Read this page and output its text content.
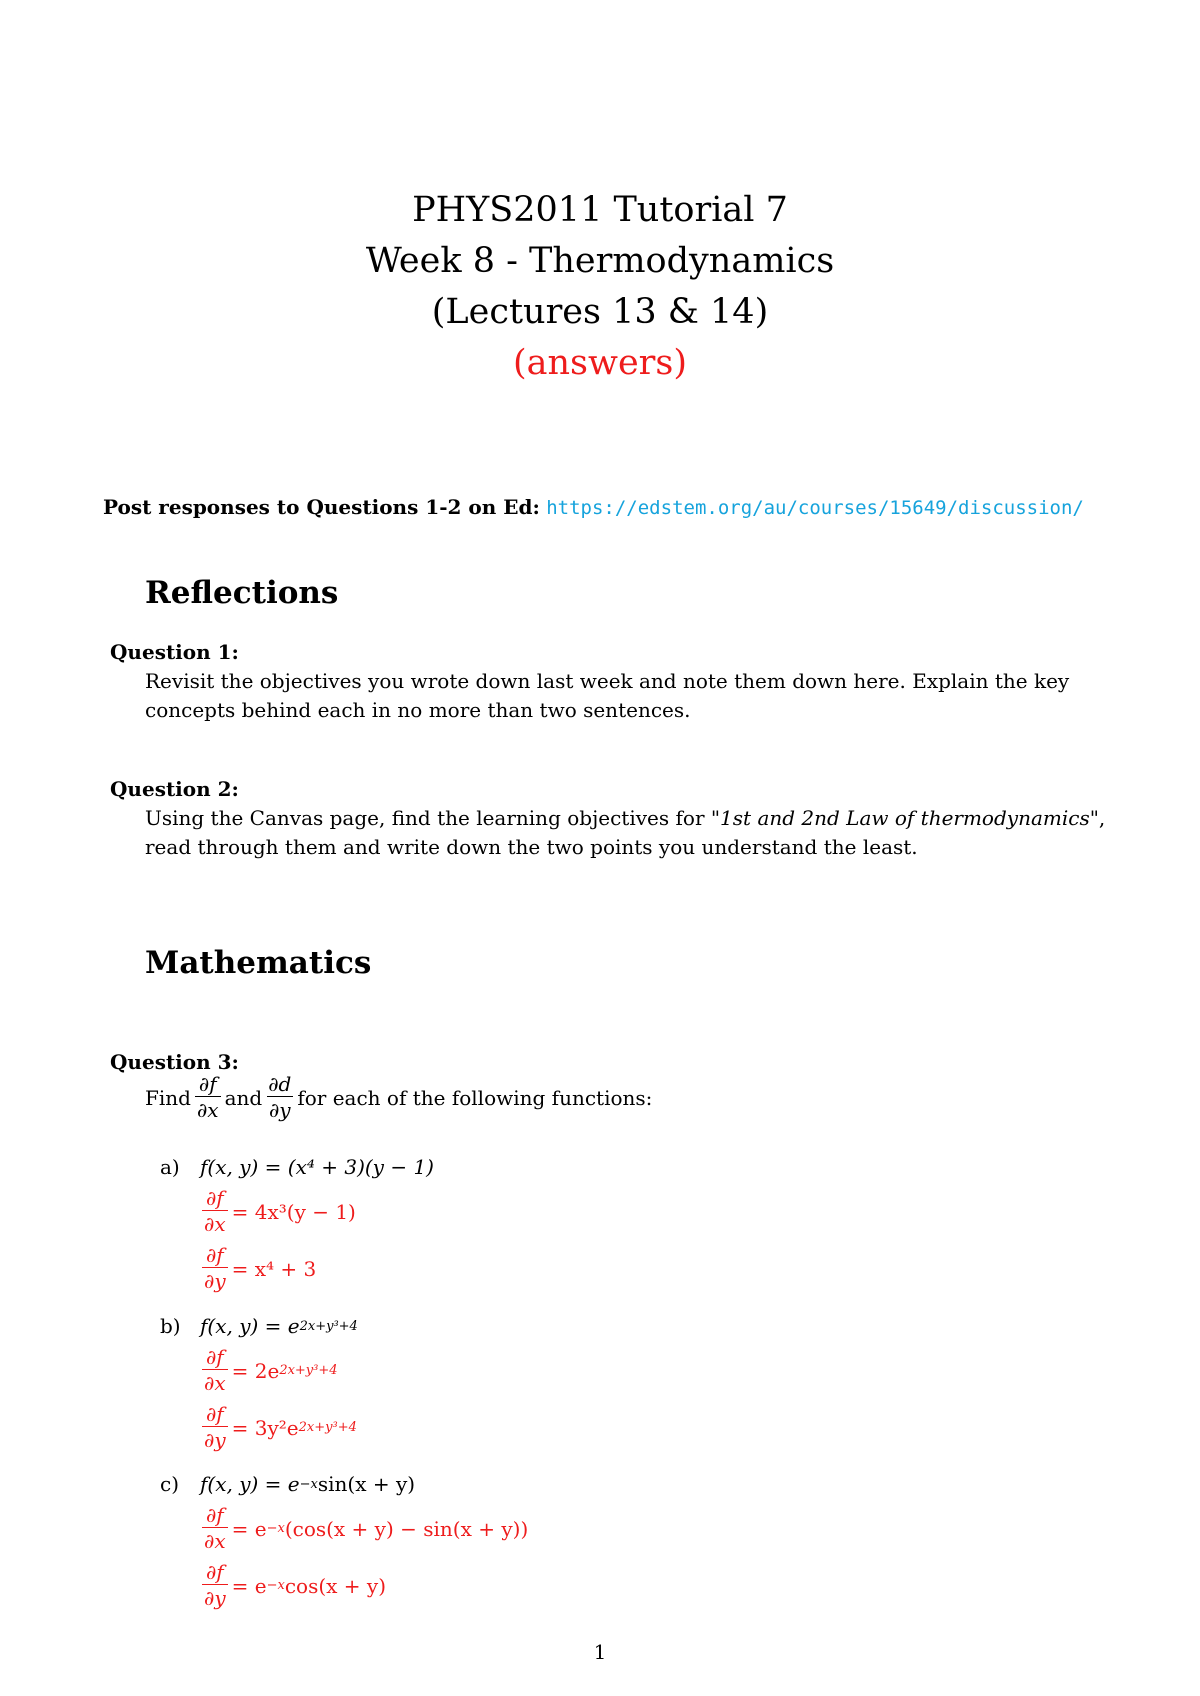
PHYS2011 Tutorial 7
Week 8 - Thermodynamics
(Lectures 13 & 14)
(answers)
Post responses to Questions 1-2 on Ed: https://edstem.org/au/courses/15649/discussion/
Reflections
Question 1:
Revisit the objectives you wrote down last week and note them down here. Explain the key concepts behind each in no more than two sentences.
Question 2:
Using the Canvas page, find the learning objectives for "1st and 2nd Law of thermodynamics", read through them and write down the two points you understand the least.
Mathematics
Question 3:
Find $\frac{\partial f}{\partial x}$ and $\frac{\partial d}{\partial y}$ for each of the following functions:
a) f(x, y) = (x⁴ + 3)(y − 1)
$\frac{\partial f}{\partial x} = 4x^3(y - 1)$
$\frac{\partial f}{\partial y} = x^4 + 3$
b) f(x, y) = e 2x+y³+4
$\frac{\partial f}{\partial x} = 2e$ 2x+y³+4
$\frac{\partial f}{\partial y} = 3y^2e$ 2x+y³+4
c) f(x, y) = e −x sin(x + y)
$\frac{\partial f}{\partial x} = e -x$ (cos(x + y) − sin(x + y))
$\frac{\partial f}{\partial y} = e -x$ cos(x + y)
1
